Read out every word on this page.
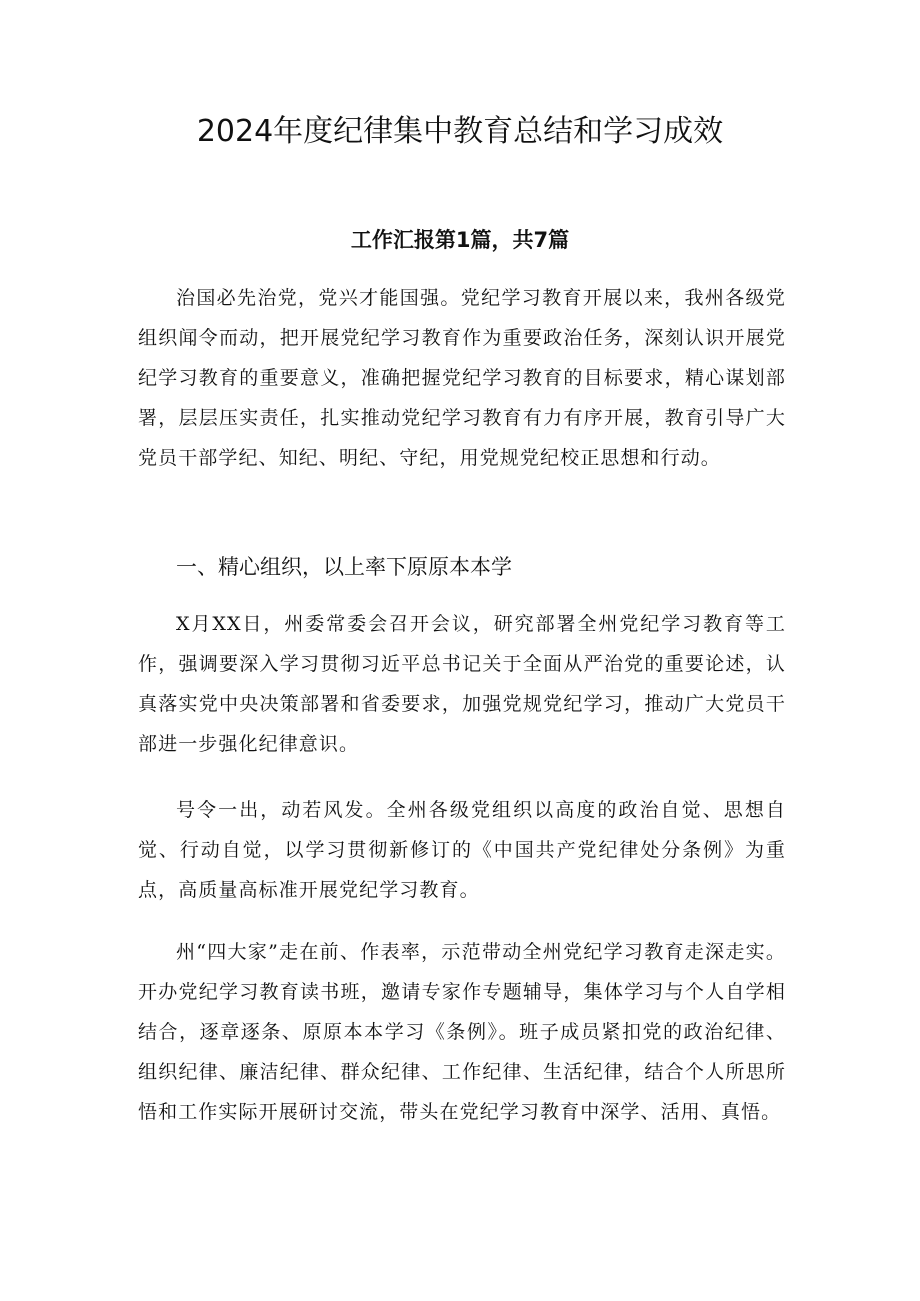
2024年度纪律集中教育总结和学习成效
工作汇报第1篇，共7篇

治国必先治党，党兴才能国强。党纪学习教育开展以来，我州各级党组织闻令而动，把开展党纪学习教育作为重要政治任务，深刻认识开展党纪学习教育的重要意义，准确把握党纪学习教育的目标要求，精心谋划部署，层层压实责任，扎实推动党纪学习教育有力有序开展，教育引导广大党员干部学纪、知纪、明纪、守纪，用党规党纪校正思想和行动。

一、精心组织，以上率下原原本本学

X月XX日，州委常委会召开会议，研究部署全州党纪学习教育等工作，强调要深入学习贯彻习近平总书记关于全面从严治党的重要论述，认真落实党中央决策部署和省委要求，加强党规党纪学习，推动广大党员干部进一步强化纪律意识。

号令一出，动若风发。全州各级党组织以高度的政治自觉、思想自觉、行动自觉，以学习贯彻新修订的《中国共产党纪律处分条例》为重点，高质量高标准开展党纪学习教育。

州“四大家”走在前、作表率，示范带动全州党纪学习教育走深走实。开办党纪学习教育读书班，邀请专家作专题辅导，集体学习与个人自学相结合，逐章逐条、原原本本学习《条例》。班子成员紧扣党的政治纪律、组织纪律、廉洁纪律、群众纪律、工作纪律、生活纪律，结合个人所思所悟和工作实际开展研讨交流，带头在党纪学习教育中深学、活用、真悟。
